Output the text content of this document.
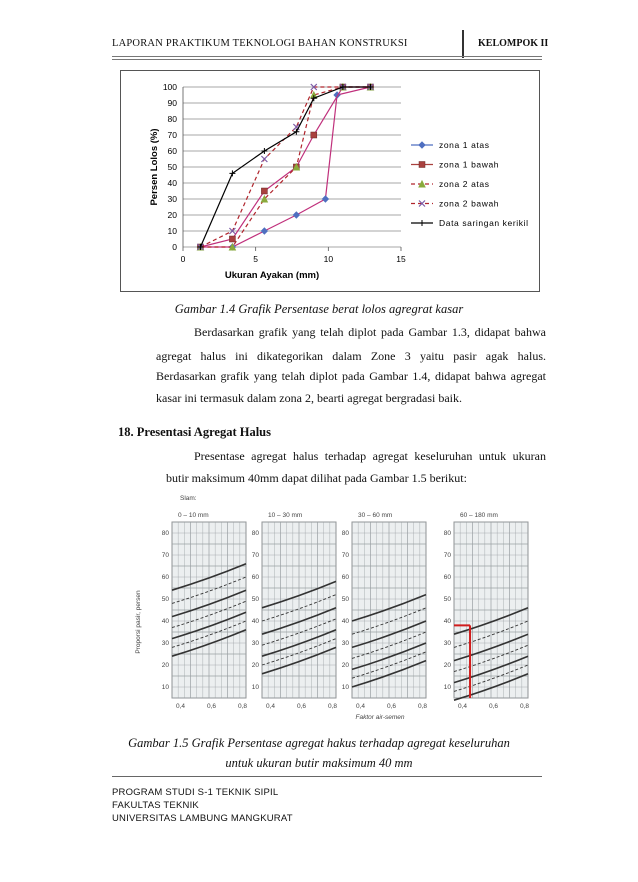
LAPORAN PRAKTIKUM TEKNOLOGI BAHAN KONSTRUKSI	KELOMPOK II
0
10
20
30
40
50
60
70
80
90
100
0	5	10	15
zona 1 atas
zona 1 bawah
zona 2 atas
zona 2 bawah
Data saringan kerikil
Ukuran Ayakan (mm)
Persen Lolos (%)
Gambar 1.4 Grafik Persentase berat lolos agregrat kasar
Berdasarkan grafik yang telah diplot pada Gambar 1.3, didapat bahwa
agregat halus ini dikategorikan dalam Zone 3 yaitu pasir agak halus.
Berdasarkan grafik yang telah diplot pada Gambar 1.4, didapat bahwa agregat
kasar ini termasuk dalam zona 2, bearti agregat bergradasi baik.
18. Presentasi Agregat Halus
Presentase agregat halus terhadap agregat keseluruhan untuk ukuran
butir maksimum 40mm dapat dilihat pada Gambar 1.5 berikut:
0 – 10 mm
80
70
60
50
40
30
20
10
0,4	0,6	0,8
10 – 30 mm
80
70
60
50
40
30
20
10
0,4	0,6	0,8
30 – 60 mm
80
70
60
50
40
30
20
10
0,4	0,6	0,8
60 – 180 mm
80
70
60
50
40
30
20
10
0,4	0,6	0,8
Slam:
Proporsi pasir, persen
Faktor air-semen
Gambar 1.5 Grafik Persentase agregat hakus terhadap agregat keseluruhan
untuk ukuran butir maksimum 40 mm
PROGRAM STUDI S-1 TEKNIK SIPIL
FAKULTAS TEKNIK
UNIVERSITAS LAMBUNG MANGKURAT
